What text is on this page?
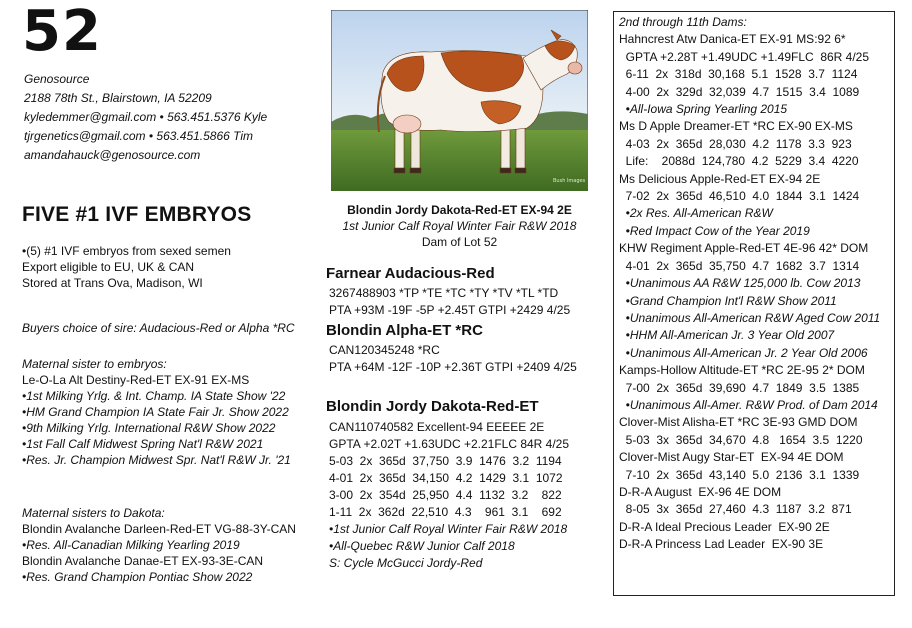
52
Genosource
2188 78th St., Blairstown, IA 52209
kyledemmer@gmail.com • 563.451.5376 Kyle
tjrgenetics@gmail.com • 563.451.5866 Tim
amandahauck@genosource.com
FIVE #1 IVF EMBRYOS
•(5) #1 IVF embryos from sexed semen
Export eligible to EU, UK & CAN
Stored at Trans Ova, Madison, WI
Buyers choice of sire: Audacious-Red or Alpha *RC
Maternal sister to embryos:
Le-O-La Alt Destiny-Red-ET EX-91 EX-MS
•1st Milking Yrlg. & Int. Champ. IA State Show '22
•HM Grand Champion IA State Fair Jr. Show 2022
•9th Milking Yrlg. International R&W Show 2022
•1st Fall Calf Midwest Spring Nat'l R&W 2021
•Res. Jr. Champion Midwest Spr. Nat'l R&W Jr. '21
Maternal sisters to Dakota:
Blondin Avalanche Darleen-Red-ET VG-88-3Y-CAN
•Res. All-Canadian Milking Yearling 2019
Blondin Avalanche Danae-ET EX-93-3E-CAN
•Res. Grand Champion Pontiac Show 2022
Bush Images
Blondin Jordy Dakota-Red-ET EX-94 2E
1st Junior Calf Royal Winter Fair R&W 2018
Dam of Lot 52
Farnear Audacious-Red
3267488903 *TP *TE *TC *TY *TV *TL *TD
PTA +93M -19F -5P +2.45T GTPI +2429 4/25
Blondin Alpha-ET *RC
CAN120345248 *RC
PTA +64M -12F -10P +2.36T GTPI +2409 4/25
Blondin Jordy Dakota-Red-ET
CAN110740582 Excellent-94 EEEEE 2E
GPTA +2.02T +1.63UDC +2.21FLC 84R 4/25
5-03  2x  365d  37,750  3.9  1476  3.2  1194
4-01  2x  365d  34,150  4.2  1429  3.1  1072
3-00  2x  354d  25,950  4.4  1132  3.2    822
1-11  2x  362d  22,510  4.3    961  3.1    692
•1st Junior Calf Royal Winter Fair R&W 2018
•All-Quebec R&W Junior Calf 2018
S: Cycle McGucci Jordy-Red
2nd through 11th Dams:
Hahncrest Atw Danica-ET EX-91 MS:92 6*
GPTA +2.28T +1.49UDC +1.49FLC  86R 4/25
6-11  2x  318d  30,168  5.1  1528  3.7  1124
4-00  2x  329d  32,039  4.7  1515  3.4  1089
•All-Iowa Spring Yearling 2015
Ms D Apple Dreamer-ET *RC EX-90 EX-MS
4-03  2x  365d  28,030  4.2  1178  3.3  923
Life:    2088d  124,780  4.2  5229  3.4  4220
Ms Delicious Apple-Red-ET EX-94 2E
7-02  2x  365d  46,510  4.0  1844  3.1  1424
•2x Res. All-American R&W
•Red Impact Cow of the Year 2019
KHW Regiment Apple-Red-ET 4E-96 42* DOM
4-01  2x  365d  35,750  4.7  1682  3.7  1314
•Unanimous AA R&W 125,000 lb. Cow 2013
•Grand Champion Int'l R&W Show 2011
•Unanimous All-American R&W Aged Cow 2011
•HHM All-American Jr. 3 Year Old 2007
•Unanimous All-American Jr. 2 Year Old 2006
Kamps-Hollow Altitude-ET *RC 2E-95 2* DOM
7-00  2x  365d  39,690  4.7  1849  3.5  1385
•Unanimous All-Amer. R&W Prod. of Dam 2014
Clover-Mist Alisha-ET *RC 3E-93 GMD DOM
5-03  3x  365d  34,670  4.8   1654  3.5  1220
Clover-Mist Augy Star-ET  EX-94 4E DOM
7-10  2x  365d  43,140  5.0  2136  3.1  1339
D-R-A August  EX-96 4E DOM
8-05  3x  365d  27,460  4.3  1187  3.2  871
D-R-A Ideal Precious Leader  EX-90 2E
D-R-A Princess Lad Leader  EX-90 3E
